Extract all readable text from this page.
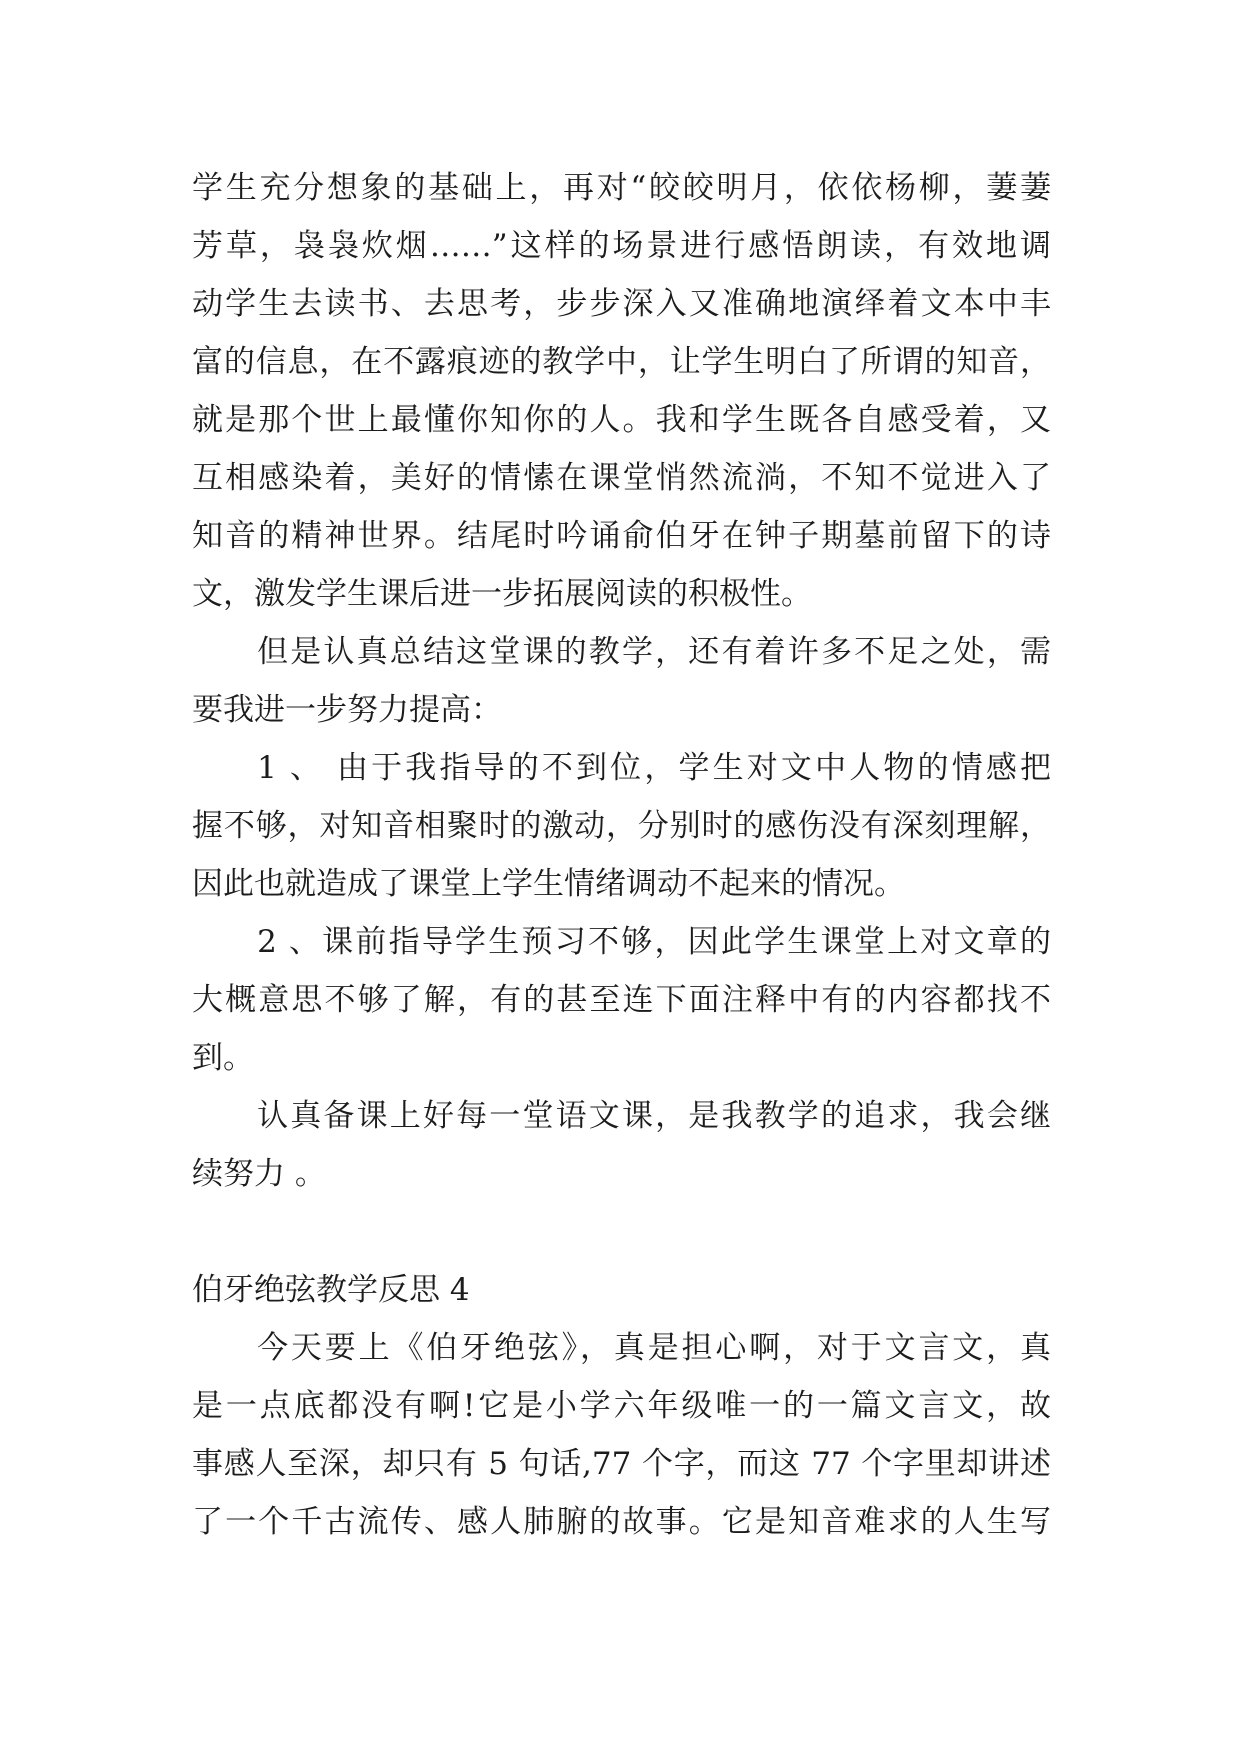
学生充分想象的基础上，再对“皎皎明月，依依杨柳，萋萋
芳草，袅袅炊烟……”这样的场景进行感悟朗读，有效地调
动学生去读书、去思考，步步深入又准确地演绎着文本中丰
富的信息，在不露痕迹的教学中，让学生明白了所谓的知音，
就是那个世上最懂你知你的人。我和学生既各自感受着，又
互相感染着，美好的情愫在课堂悄然流淌，不知不觉进入了
知音的精神世界。结尾时吟诵俞伯牙在钟子期墓前留下的诗
文，激发学生课后进一步拓展阅读的积极性。
但是认真总结这堂课的教学，还有着许多不足之处，需
要我进一步努力提高：
1 、 由于我指导的不到位，学生对文中人物的情感把
握不够，对知音相聚时的激动，分别时的感伤没有深刻理解，
因此也就造成了课堂上学生情绪调动不起来的情况。
2 、课前指导学生预习不够，因此学生课堂上对文章的
大概意思不够了解，有的甚至连下面注释中有的内容都找不
到。
认真备课上好每一堂语文课，是我教学的追求，我会继
续努力 。
伯牙绝弦教学反思 4
今天要上《伯牙绝弦》，真是担心啊，对于文言文，真
是一点底都没有啊!它是小学六年级唯一的一篇文言文，故
事感人至深，却只有 5 句话,77 个字，而这 77 个字里却讲述
了一个千古流传、感人肺腑的故事。它是知音难求的人生写
